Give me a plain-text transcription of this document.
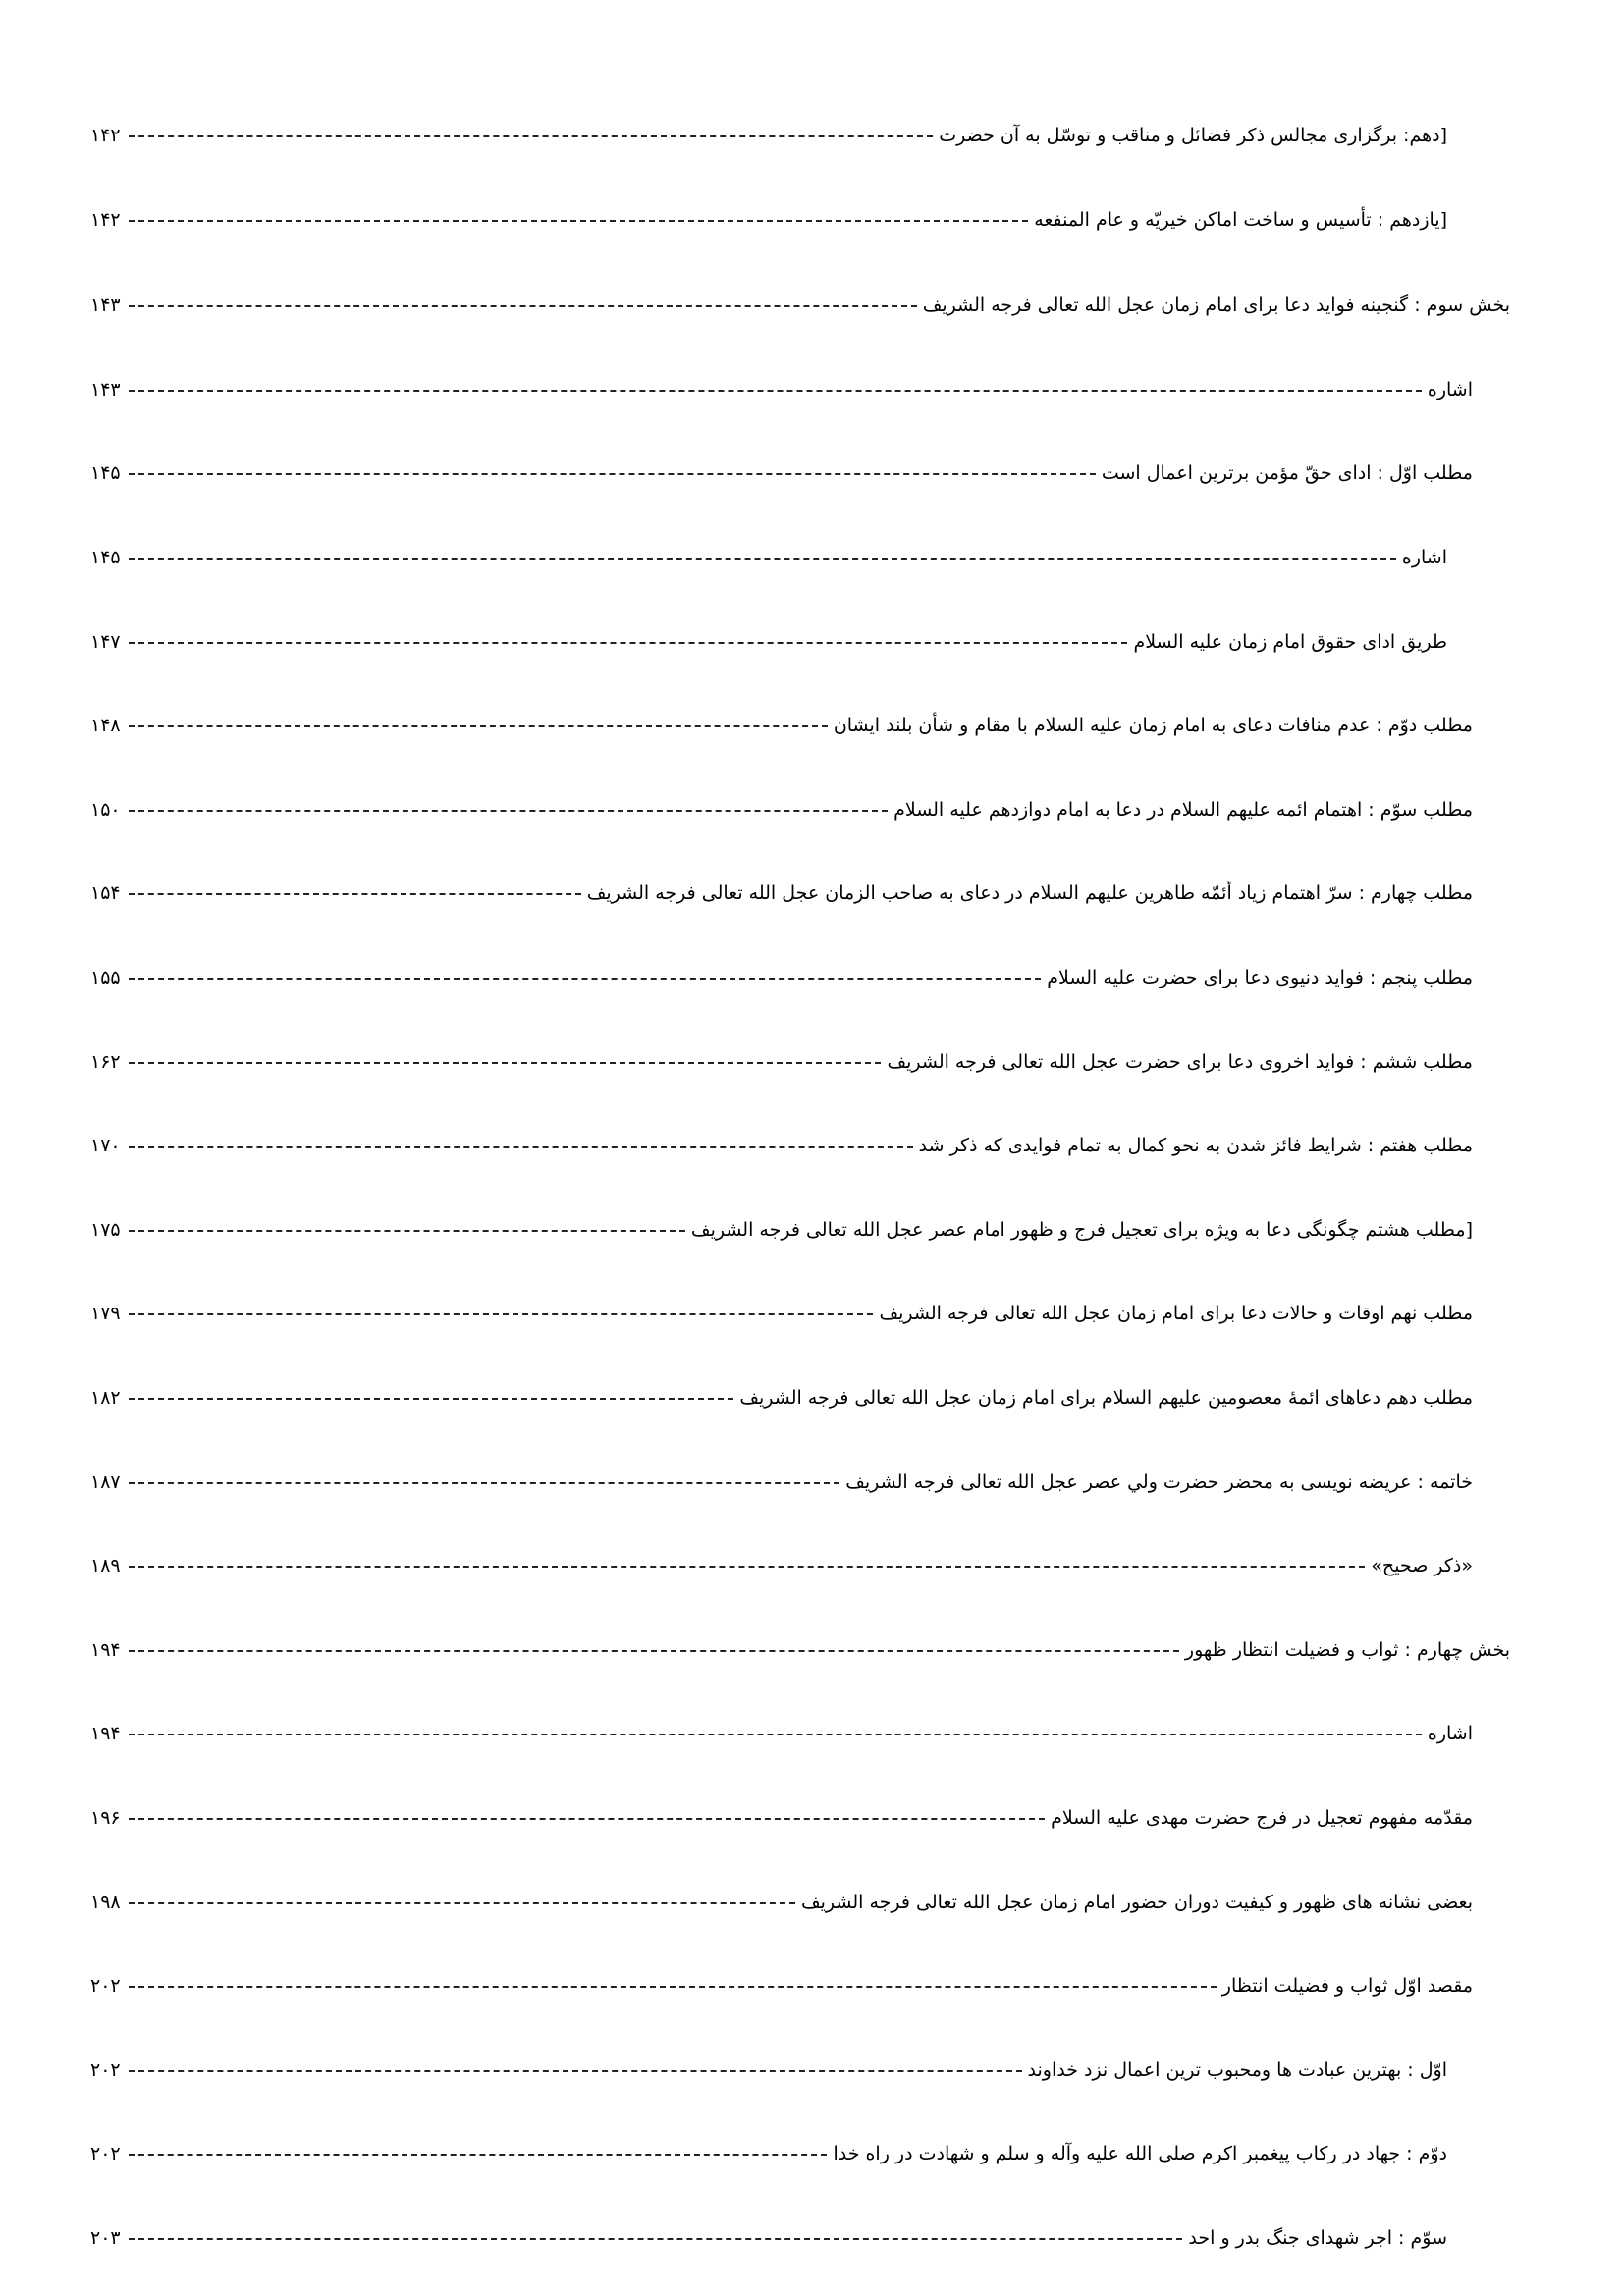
[دهم: برگزاری مجالس ذکر فضائل و مناقب و توسّل به آن حضرت
۱۴۲
[یازدهم : تأسیس و ساخت اماکن خیریّه و عام المنفعه
۱۴۲
بخش سوم : گنجینه فواید دعا برای امام زمان عجل الله تعالی فرجه الشریف
۱۴۳
اشاره
۱۴۳
مطلب اوّل : ادای حقّ مؤمن برترین اعمال است
۱۴۵
اشاره
۱۴۵
طریق ادای حقوق امام زمان علیه السلام
۱۴۷
مطلب دوّم : عدم منافات دعای به امام زمان علیه السلام با مقام و شأن بلند ایشان
۱۴۸
مطلب سوّم : اهتمام ائمه علیهم السلام در دعا به امام دوازدهم علیه السلام
۱۵۰
مطلب چهارم : سرّ اهتمام زیاد أئمّه طاهرین علیهم السلام در دعای به صاحب الزمان عجل الله تعالی فرجه الشریف
۱۵۴
مطلب پنجم : فواید دنیوی دعا برای حضرت علیه السلام
۱۵۵
مطلب ششم : فواید اخروی دعا برای حضرت عجل الله تعالی فرجه الشریف
۱۶۲
مطلب هفتم : شرایط فائز شدن به نحو کمال به تمام فوایدی که ذکر شد
۱۷۰
[مطلب هشتم چگونگی دعا به ویژه برای تعجیل فرج و ظهور امام عصر عجل الله تعالی فرجه الشریف
۱۷۵
مطلب نهم اوقات و حالات دعا برای امام زمان عجل الله تعالی فرجه الشریف
۱۷۹
مطلب دهم دعاهای ائمهٔ معصومین علیهم السلام برای امام زمان عجل الله تعالی فرجه الشریف
۱۸۲
خاتمه : عریضه نویسی به محضر حضرت ولي عصر عجل الله تعالی فرجه الشریف
۱۸۷
«ذکر صحیح»
۱۸۹
بخش چهارم : ثواب و فضیلت انتظار ظهور
۱۹۴
اشاره
۱۹۴
مقدّمه مفهوم تعجیل در فرج حضرت مهدی علیه السلام
۱۹۶
بعضی نشانه های ظهور و کیفیت دوران حضور امام زمان عجل الله تعالی فرجه الشریف
۱۹۸
مقصد اوّل ثواب و فضیلت انتظار
۲۰۲
اوّل : بهترین عبادت ها ومحبوب ترین اعمال نزد خداوند
۲۰۲
دوّم : جهاد در رکاب پیغمبر اکرم صلی الله علیه وآله و سلم و شهادت در راه خدا
۲۰۲
سوّم : اجر شهدای جنگ بدر و احد
۲۰۳
